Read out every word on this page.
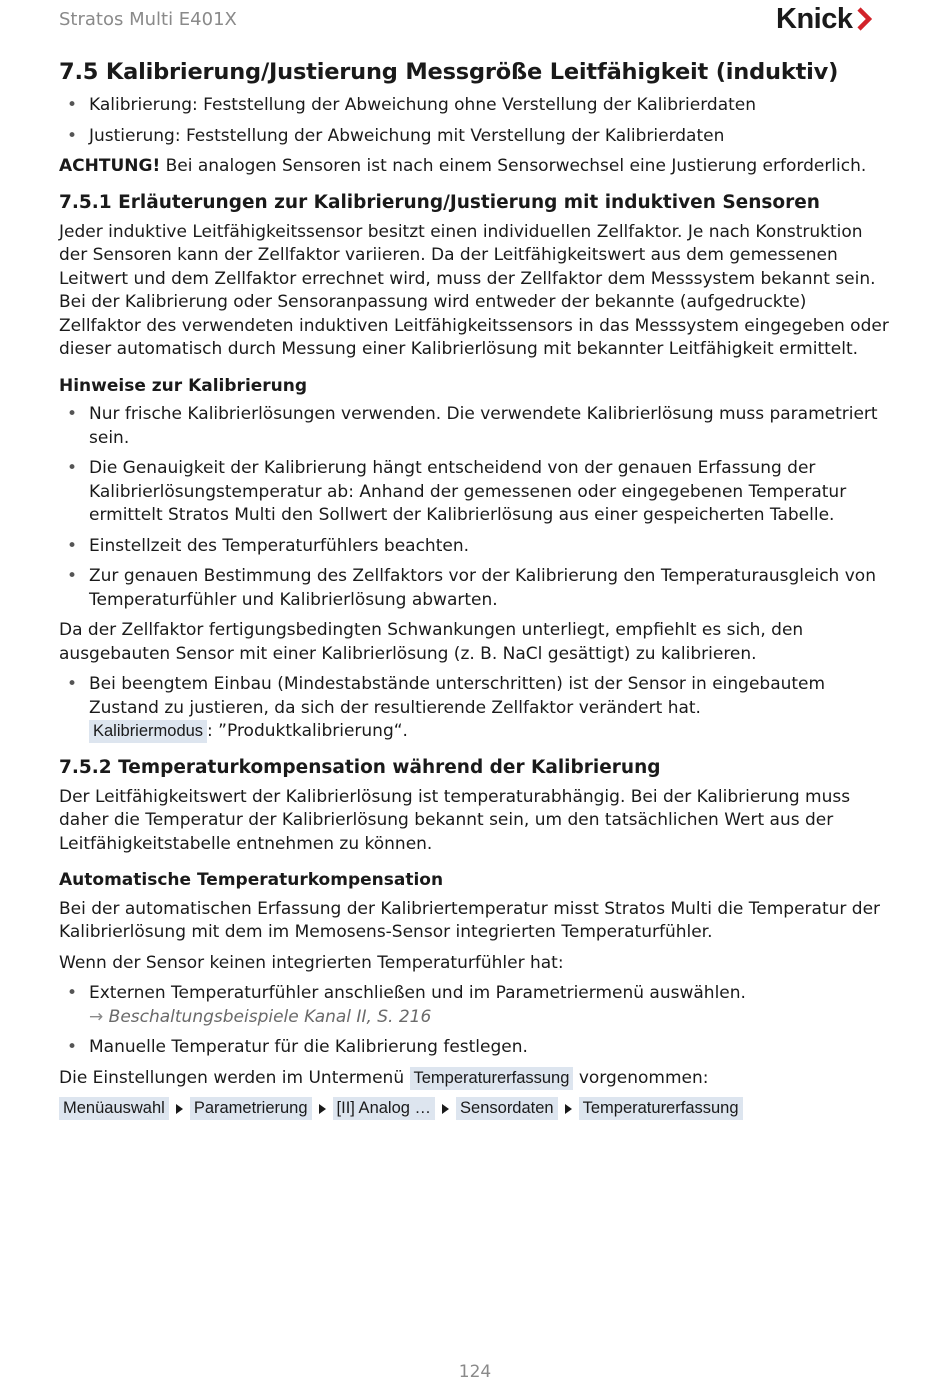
Stratos Multi E401X	Knick
7.5 Kalibrierung/Justierung Messgröße Leitfähigkeit (induktiv)
• Kalibrierung: Feststellung der Abweichung ohne Verstellung der Kalibrierdaten
• Justierung: Feststellung der Abweichung mit Verstellung der Kalibrierdaten

ACHTUNG! Bei analogen Sensoren ist nach einem Sensorwechsel eine Justierung erforderlich.

7.5.1 Erläuterungen zur Kalibrierung/Justierung mit induktiven Sensoren

Jeder induktive Leitfähigkeitssensor besitzt einen individuellen Zellfaktor. Je nach Konstruktion der Sensoren kann der Zellfaktor variieren. Da der Leitfähigkeitswert aus dem gemessenen Leitwert und dem Zellfaktor errechnet wird, muss der Zellfaktor dem Messsystem bekannt sein. Bei der Kalibrierung oder Sensoranpassung wird entweder der bekannte (aufgedruckte) Zellfaktor des verwendeten induktiven Leitfähigkeitssensors in das Messsystem eingegeben oder dieser automatisch durch Messung einer Kalibrierlösung mit bekannter Leitfähigkeit ermittelt.

Hinweise zur Kalibrierung
• Nur frische Kalibrierlösungen verwenden. Die verwendete Kalibrierlösung muss parametriert sein.
• Die Genauigkeit der Kalibrierung hängt entscheidend von der genauen Erfassung der Kalibrierlösungstemperatur ab: Anhand der gemessenen oder eingegebenen Temperatur ermittelt Stratos Multi den Sollwert der Kalibrierlösung aus einer gespeicherten Tabelle.
• Einstellzeit des Temperaturfühlers beachten.
• Zur genauen Bestimmung des Zellfaktors vor der Kalibrierung den Temperaturausgleich von Temperaturfühler und Kalibrierlösung abwarten.

Da der Zellfaktor fertigungsbedingten Schwankungen unterliegt, empfiehlt es sich, den ausgebauten Sensor mit einer Kalibrierlösung (z. B. NaCl gesättigt) zu kalibrieren.

• Bei beengtem Einbau (Mindestabstände unterschritten) ist der Sensor in eingebautem Zustand zu justieren, da sich der resultierende Zellfaktor verändert hat.
Kalibriermodus : ”Produktkalibrierung“.
7.5.2 Temperaturkompensation während der Kalibrierung

Der Leitfähigkeitswert der Kalibrierlösung ist temperaturabhängig. Bei der Kalibrierung muss daher die Temperatur der Kalibrierlösung bekannt sein, um den tatsächlichen Wert aus der Leitfähigkeitstabelle entnehmen zu können.

Automatische Temperaturkompensation

Bei der automatischen Erfassung der Kalibriertemperatur misst Stratos Multi die Temperatur der Kalibrierlösung mit dem im Memosens-Sensor integrierten Temperaturfühler.

Wenn der Sensor keinen integrierten Temperaturfühler hat:

• Externen Temperaturfühler anschließen und im Parametriermenü auswählen.
→ Beschaltungsbeispiele Kanal II, S. 216
• Manuelle Temperatur für die Kalibrierung festlegen.

Die Einstellungen werden im Untermenü Temperaturerfassung vorgenommen:

Menüauswahl Parametrierung [II] Analog … Sensordaten Temperaturerfassung
124
